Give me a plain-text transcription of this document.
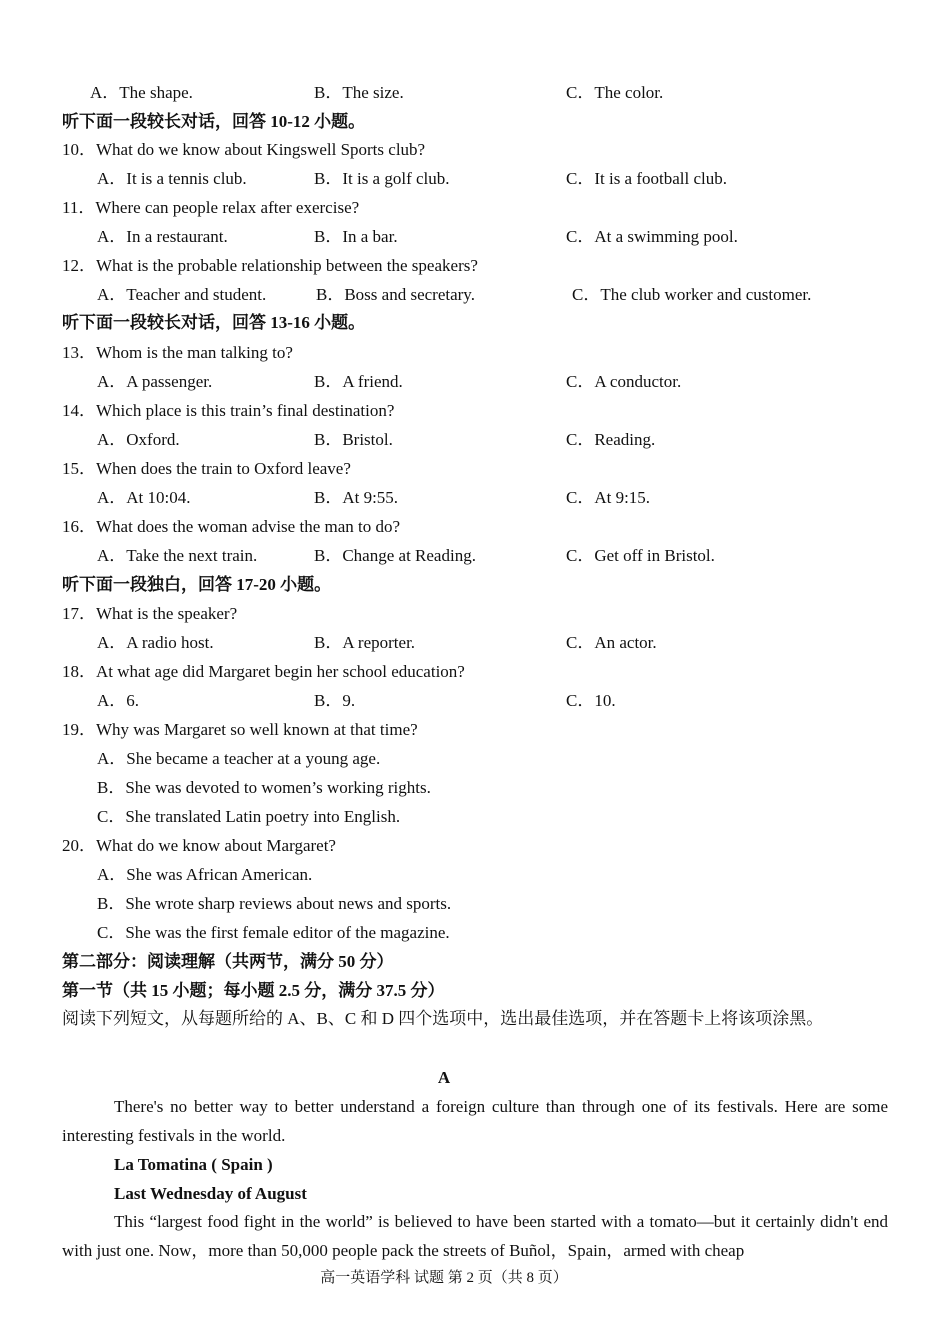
A．The shape.	B．The size.	C．The color.
听下面一段较长对话，回答 10-12 小题。
10．What do we know about Kingswell Sports club?
A．It is a tennis club.	B．It is a golf club.	C．It is a football club.
11．Where can people relax after exercise?
A．In a restaurant.	B．In a bar.	C．At a swimming pool.
12．What is the probable relationship between the speakers?
A．Teacher and student.	B．Boss and secretary.	C．The club worker and customer.
听下面一段较长对话，回答 13-16 小题。
13．Whom is the man talking to?
A．A passenger.	B．A friend.	C．A conductor.
14．Which place is this train’s final destination?
A．Oxford.	B．Bristol.	C．Reading.
15．When does the train to Oxford leave?
A．At 10:04.	B．At 9:55.	C．At 9:15.
16．What does the woman advise the man to do?
A．Take the next train.	B．Change at Reading.	C．Get off in Bristol.
听下面一段独白，回答 17-20 小题。
17．What is the speaker?
A．A radio host.	B．A reporter.	C．An actor.
18．At what age did Margaret begin her school education?
A．6.	B．9.	C．10.
19．Why was Margaret so well known at that time?
A．She became a teacher at a young age.
B．She was devoted to women’s working rights.
C．She translated Latin poetry into English.
20．What do we know about Margaret?
A．She was African American.
B．She wrote sharp reviews about news and sports.
C．She was the first female editor of the magazine.
第二部分：阅读理解（共两节，满分 50 分）
第一节（共 15 小题；每小题 2.5 分，满分 37.5 分）
阅读下列短文，从每题所给的 A、B、C 和 D 四个选项中，选出最佳选项，并在答题卡上将该项涂黑。
A
There's no better way to better understand a foreign culture than through one of its festivals. Here are some interesting festivals in the world.
La Tomatina ( Spain )
Last Wednesday of August
This “largest food fight in the world” is believed to have been started with a tomato—but it certainly didn't end with just one. Now，more than 50,000 people pack the streets of Buñol，Spain，armed with cheap
高一英语学科 试题 第 2 页（共 8 页）
